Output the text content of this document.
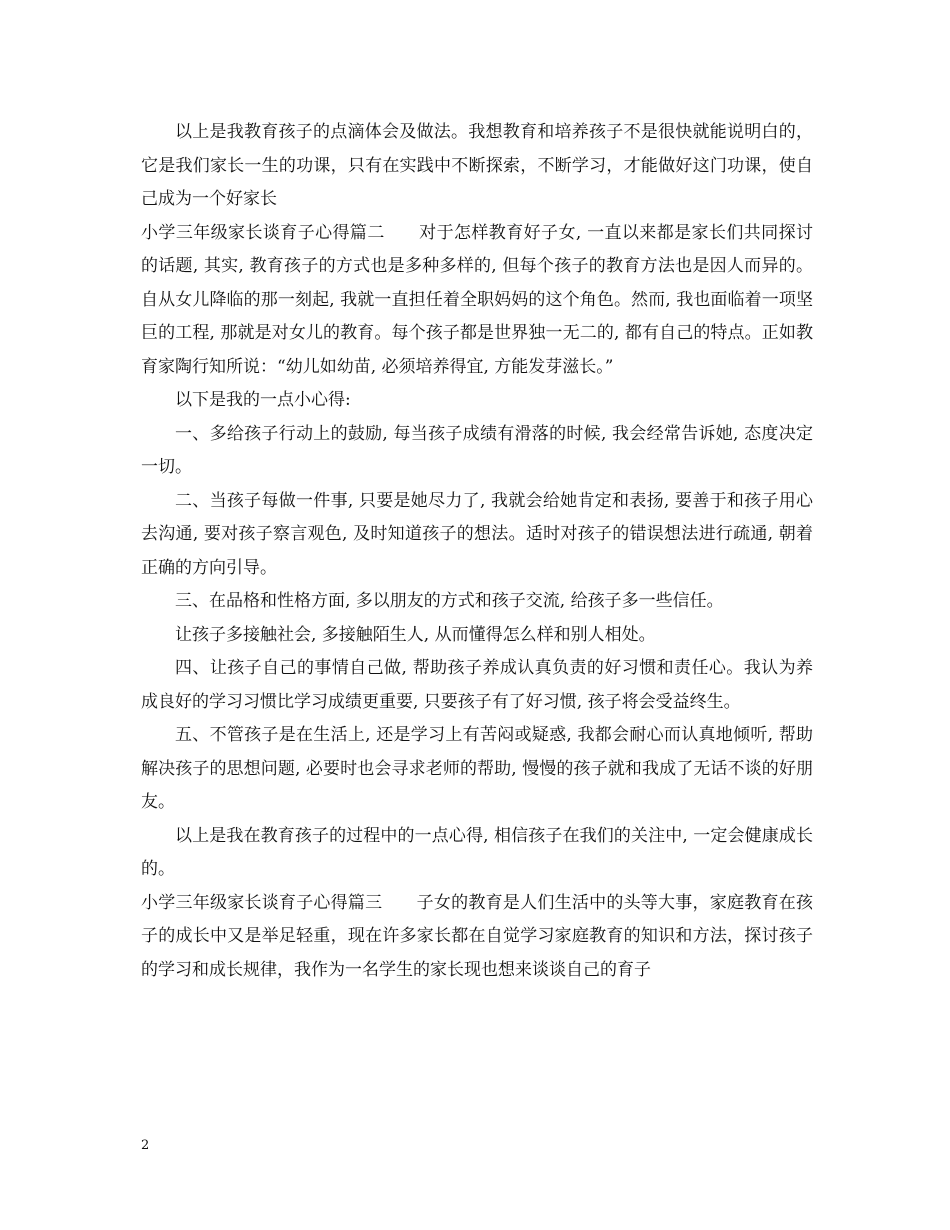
以上是我教育孩子的点滴体会及做法。我想教育和培养孩子不是很快就能说明白的，它是我们家长一生的功课，只有在实践中不断探索，不断学习，才能做好这门功课，使自己成为一个好家长

小学三年级家长谈育子心得篇二 对于怎样教育好子女, 一直以来都是家长们共同探讨的话题, 其实, 教育孩子的方式也是多种多样的, 但每个孩子的教育方法也是因人而异的。 自从女儿降临的那一刻起, 我就一直担任着全职妈妈的这个角色。然而, 我也面临着一项坚巨的工程, 那就是对女儿的教育。每个孩子都是世界独一无二的, 都有自己的特点。正如教育家陶行知所说：“幼儿如幼苗, 必须培养得宜, 方能发芽滋长。”

以下是我的一点小心得:

一、多给孩子行动上的鼓励, 每当孩子成绩有滑落的时候, 我会经常告诉她, 态度决定一切。

二、当孩子每做一件事, 只要是她尽力了, 我就会给她肯定和表扬, 要善于和孩子用心去沟通, 要对孩子察言观色, 及时知道孩子的想法。适时对孩子的错误想法进行疏通, 朝着正确的方向引导。

三、在品格和性格方面, 多以朋友的方式和孩子交流, 给孩子多一些信任。

让孩子多接触社会, 多接触陌生人, 从而懂得怎么样和别人相处。

四、让孩子自己的事情自己做, 帮助孩子养成认真负责的好习惯和责任心。我认为养成良好的学习习惯比学习成绩更重要, 只要孩子有了好习惯, 孩子将会受益终生。

五、不管孩子是在生活上, 还是学习上有苦闷或疑惑, 我都会耐心而认真地倾听, 帮助解决孩子的思想问题, 必要时也会寻求老师的帮助, 慢慢的孩子就和我成了无话不谈的好朋友。

以上是我在教育孩子的过程中的一点心得, 相信孩子在我们的关注中, 一定会健康成长的。

小学三年级家长谈育子心得篇三 子女的教育是人们生活中的头等大事，家庭教育在孩子的成长中又是举足轻重，现在许多家长都在自觉学习家庭教育的知识和方法，探讨孩子的学习和成长规律，我作为一名学生的家长现也想来谈谈自己的育子

2
